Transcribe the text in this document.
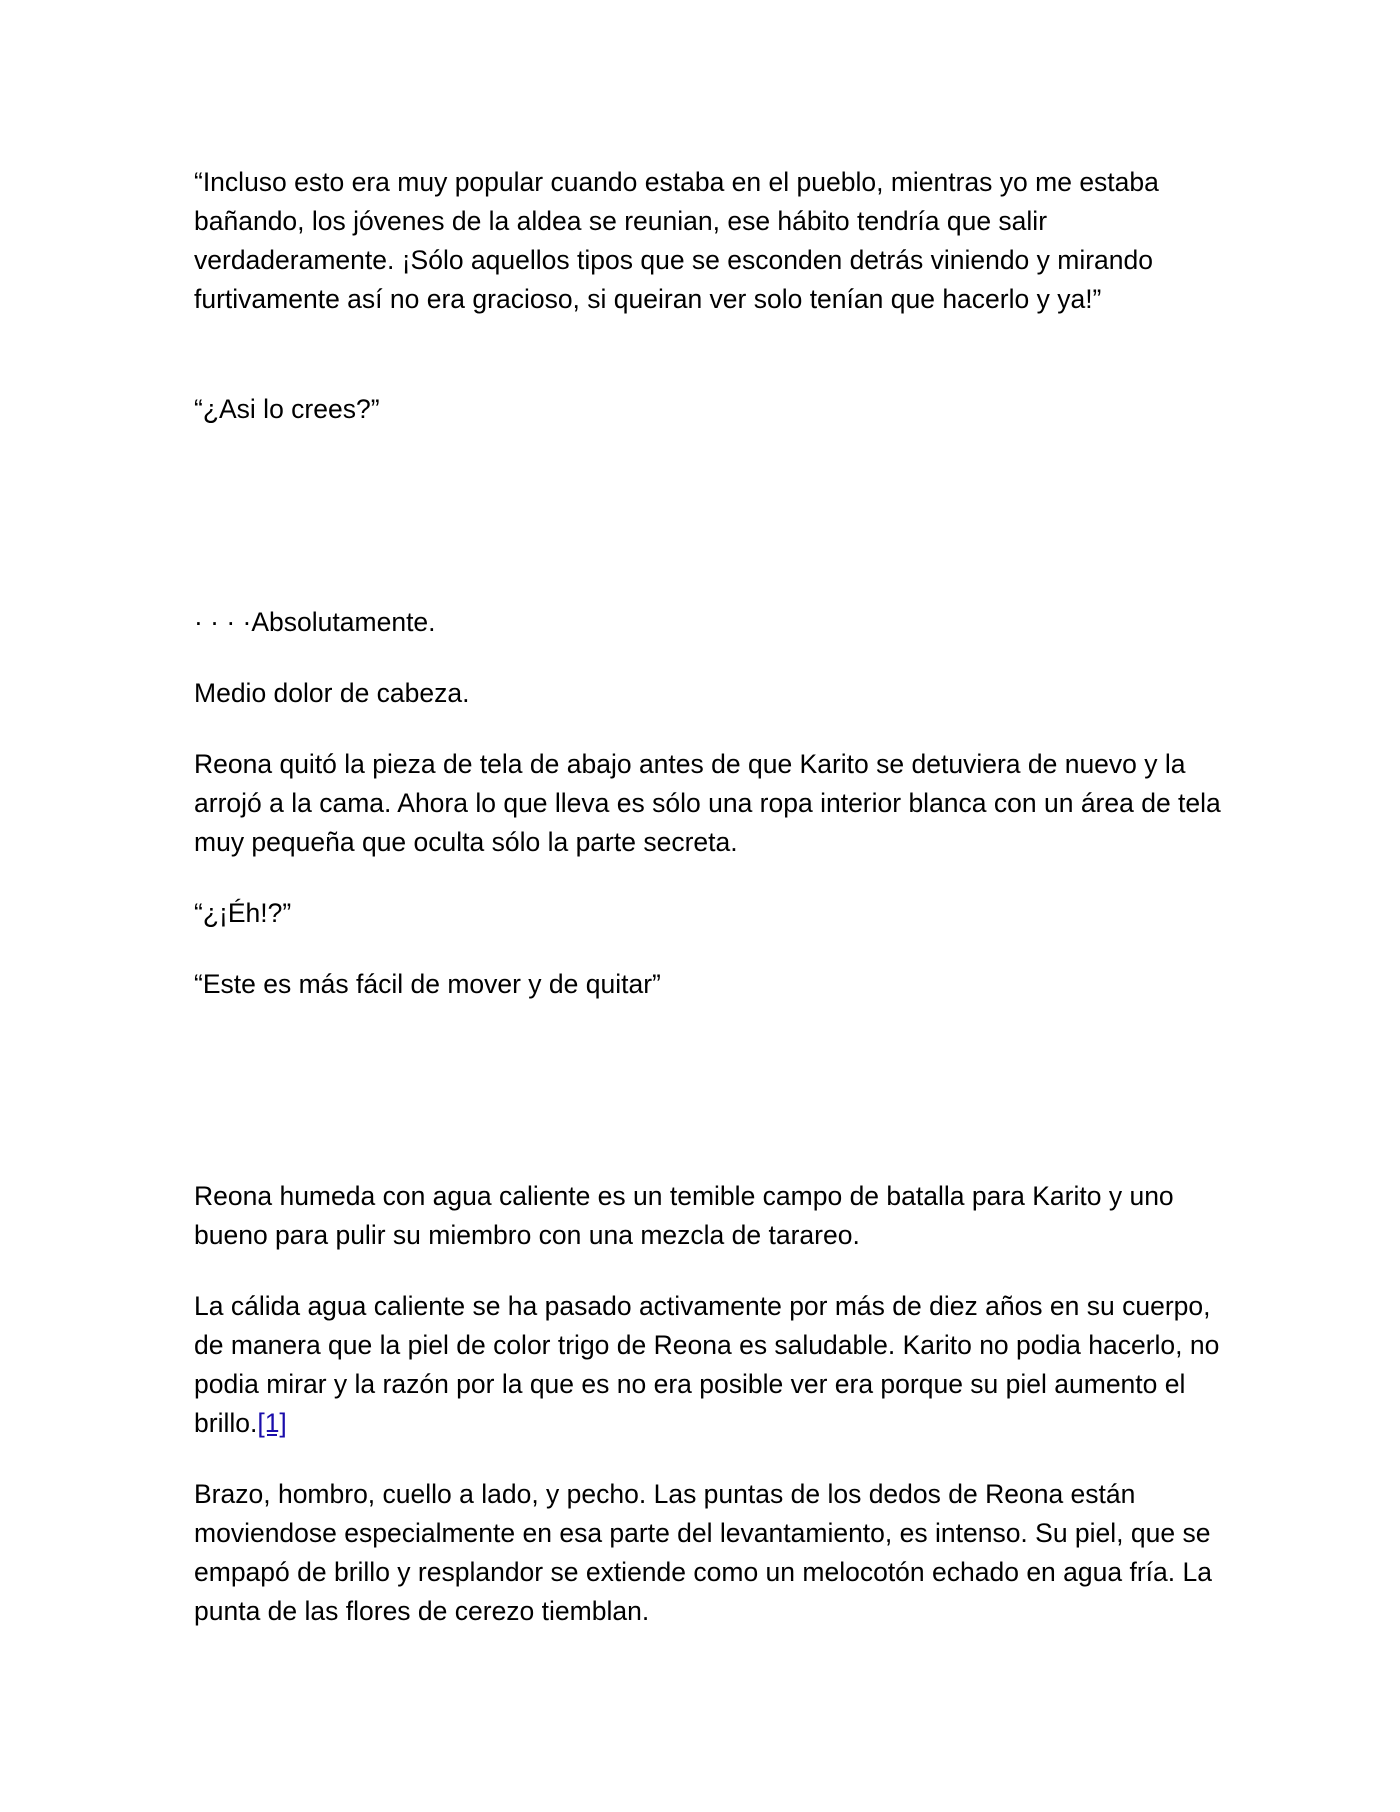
“Incluso esto era muy popular cuando estaba en el pueblo, mientras yo me estaba bañando, los jóvenes de la aldea se reunian, ese hábito tendría que salir verdaderamente. ¡Sólo aquellos tipos que se esconden detrás viniendo y mirando furtivamente así no era gracioso, si queiran ver solo tenían que hacerlo y ya!”

“¿Asi lo crees?”

· · · ·Absolutamente.

Medio dolor de cabeza.

Reona quitó la pieza de tela de abajo antes de que Karito se detuviera de nuevo y la arrojó a la cama. Ahora lo que lleva es sólo una ropa interior blanca con un área de tela muy pequeña que oculta sólo la parte secreta.

“¿¡Éh!?”

“Este es más fácil de mover y de quitar”

Reona humeda con agua caliente es un temible campo de batalla para Karito y uno bueno para pulir su miembro con una mezcla de tarareo.

La cálida agua caliente se ha pasado activamente por más de diez años en su cuerpo, de manera que la piel de color trigo de Reona es saludable. Karito no podia hacerlo, no podia mirar y la razón por la que es no era posible ver era porque su piel aumento el brillo.[1]

Brazo, hombro, cuello a lado, y pecho. Las puntas de los dedos de Reona están moviendose especialmente en esa parte del levantamiento, es intenso. Su piel, que se empapó de brillo y resplandor se extiende como un melocotón echado en agua fría. La punta de las flores de cerezo tiemblan.
